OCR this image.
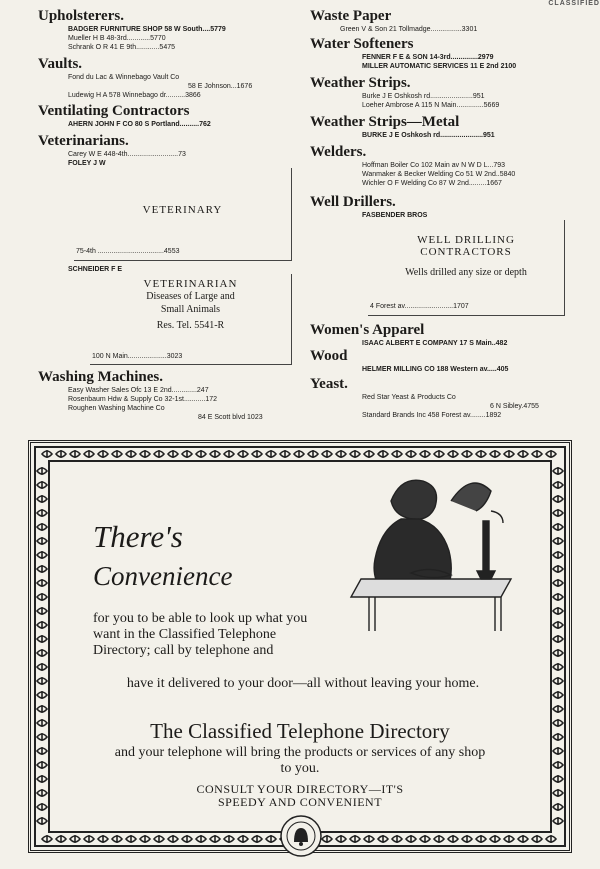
CLASSIFIED

Upholsterers.

BADGER FURNITURE SHOP 58 W South....5779

Mueller H B 48-3rd............5770

Schrank O R 41 E 9th............5475

Vaults.

Fond du Lac & Winnebago Vault Co

58 E Johnson...1676

Ludewig H A 578 Winnebago dr..........3866

Ventilating Contractors

AHERN JOHN F CO 80 S Portland..........762

Veterinarians.

Carey W E 448-4th..........................73

FOLEY J W

VETERINARY

75-4th ..................................4553

SCHNEIDER F E

VETERINARIAN
Diseases of Large and
Small Animals
Res. Tel. 5541-R

100 N Main....................3023

Washing Machines.

Easy Washer Sales Ofc 13 E 2nd.............247

Rosenbaum Hdw & Supply Co 32-1st...........172

Roughen Washing Machine Co

84 E Scott blvd 1023

Waste Paper

Green V & Son 21 Tollmadge................3301

Water Softeners

FENNER F E & SON 14-3rd..............2979

MILLER AUTOMATIC SERVICES 11 E 2nd 2100

Weather Strips.

Burke J E Oshkosh rd......................951

Loeher Ambrose A 115 N Main..............5669

Weather Strips—Metal

BURKE J E Oshkosh rd......................951

Welders.

Hoffman Boiler Co 102 Main av N W D L...793

Wanmaker & Becker Welding Co 51 W 2nd..5840

Wichler O F Welding Co 87 W 2nd.........1667

Well Drillers.

FASBENDER BROS

WELL DRILLING
CONTRACTORS
Wells drilled any size or depth

4 Forest av.........................1707

Women's Apparel

ISAAC ALBERT E COMPANY 17 S Main..482

Wood

HELMER MILLING CO 188 Western av.....405

Yeast.

Red Star Yeast & Products Co

6 N Sibley.4755

Standard Brands Inc 458 Forest av........1892

There's
Convenience
for you to be able to look up what you want in the Classified Telephone Directory; call by telephone and
have it delivered to your door—all without leaving your home.
The Classified Telephone Directory
and your telephone will bring the products or services of any shop to you.
CONSULT YOUR DIRECTORY—IT'S
SPEEDY AND CONVENIENT
